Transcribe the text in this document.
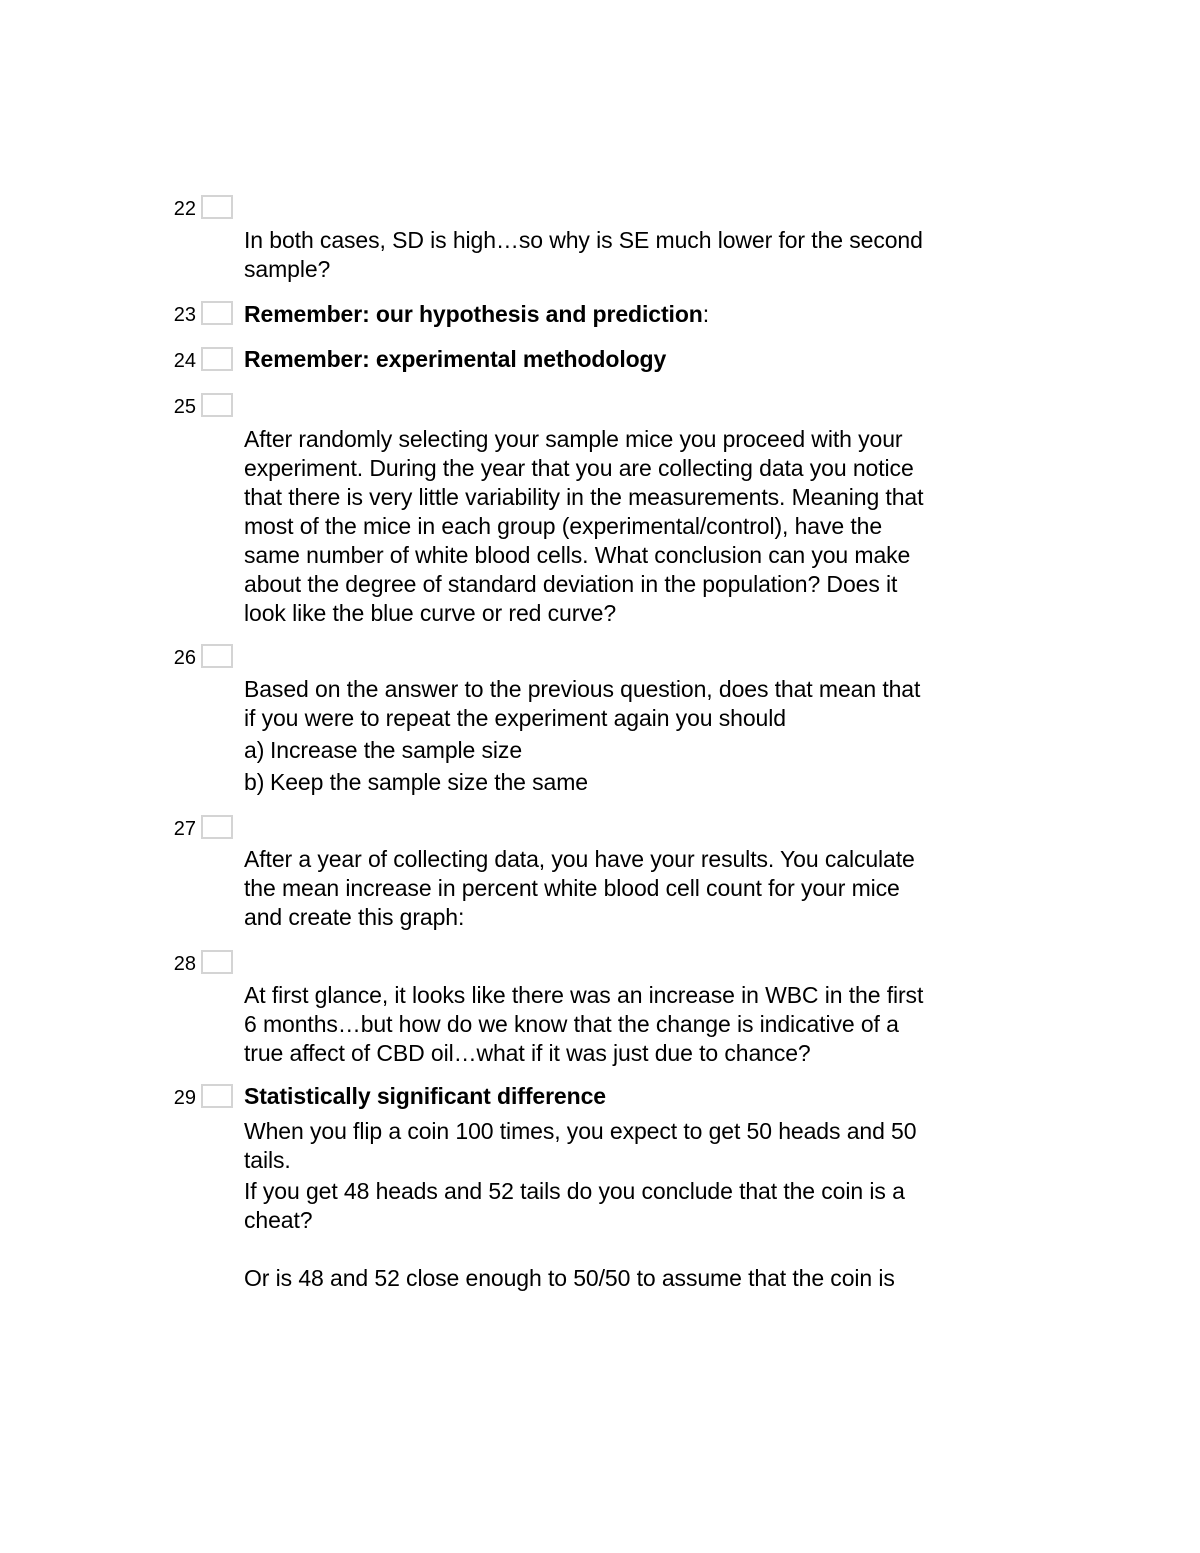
22
In both cases, SD is high…so why is SE much lower for the second
sample?
23 Remember: our hypothesis and prediction:
24 Remember: experimental methodology
25
After randomly selecting your sample mice you proceed with your
experiment. During the year that you are collecting data you notice
that there is very little variability in the measurements. Meaning that
most of the mice in each group (experimental/control), have the
same number of white blood cells. What conclusion can you make
about the degree of standard deviation in the population? Does it
look like the blue curve or red curve?
26
Based on the answer to the previous question, does that mean that
if you were to repeat the experiment again you should
a) Increase the sample size
b) Keep the sample size the same
27
After a year of collecting data, you have your results. You calculate
the mean increase in percent white blood cell count for your mice
and create this graph:
28
At first glance, it looks like there was an increase in WBC in the first
6 months…but how do we know that the change is indicative of a
true affect of CBD oil…what if it was just due to chance?
29 Statistically significant difference
When you flip a coin 100 times, you expect to get 50 heads and 50
tails.
If you get 48 heads and 52 tails do you conclude that the coin is a
cheat?
Or is 48 and 52 close enough to 50/50 to assume that the coin is
